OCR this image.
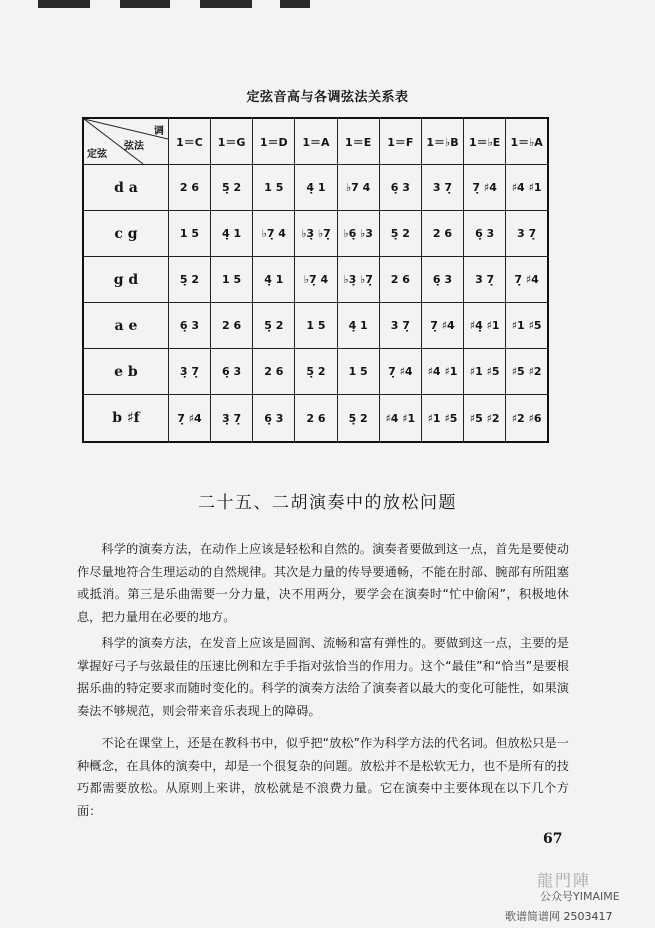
定弦音高与各调弦法关系表
调
弦法
定弦	1＝C	1＝G	1＝D	1＝A	1＝E	1＝F	1＝♭B	1＝♭E	1＝♭A
d a	2 6	5̣ 2	1 5	4̣ 1	♭7 4	6̣ 3	3 7̣	7̣ ♯4	♯4 ♯1
c g	1 5	4̣ 1	♭7̣ 4	♭3̣ ♭7̣	♭6̣ ♭3	5̣ 2	2 6	6̣ 3	3 7̣
g d	5̣ 2	1 5	4̣ 1	♭7̣ 4	♭3̣ ♭7̣	2 6	6̣ 3	3 7̣	7̣ ♯4
a e	6̣ 3	2 6	5̣ 2	1 5	4̣ 1	3 7̣	7̣ ♯4	♯4̣ ♯1	♯1 ♯5
e b	3̣ 7̣	6̣ 3	2 6	5̣ 2	1 5	7̣ ♯4	♯4 ♯1	♯1 ♯5	♯5 ♯2
b ♯f	7̣ ♯4	3̣ 7̣	6̣ 3	2 6	5̣ 2	♯4 ♯1	♯1 ♯5	♯5 ♯2	♯2 ♯6
二十五、二胡演奏中的放松问题

科学的演奏方法，在动作上应该是轻松和自然的。演奏者要做到这一点，首先是要使动作尽量地符合生理运动的自然规律。其次是力量的传导要通畅，不能在肘部、腕部有所阻塞或抵消。第三是乐曲需要一分力量，决不用两分，要学会在演奏时“忙中偷闲”，积极地休息，把力量用在必要的地方。

科学的演奏方法，在发音上应该是圆润、流畅和富有弹性的。要做到这一点，主要的是掌握好弓子与弦最佳的压速比例和左手手指对弦恰当的作用力。这个“最佳”和“恰当”是要根据乐曲的特定要求而随时变化的。科学的演奏方法给了演奏者以最大的变化可能性，如果演奏法不够规范，则会带来音乐表现上的障碍。

不论在课堂上，还是在教科书中，似乎把“放松”作为科学方法的代名词。但放松只是一种概念，在具体的演奏中，却是一个很复杂的问题。放松并不是松软无力，也不是所有的技巧都需要放松。从原则上来讲，放松就是不浪费力量。它在演奏中主要体现在以下几个方面：

67
龍門陣
公众号YIMAIME
歌谱简谱网 2503417
